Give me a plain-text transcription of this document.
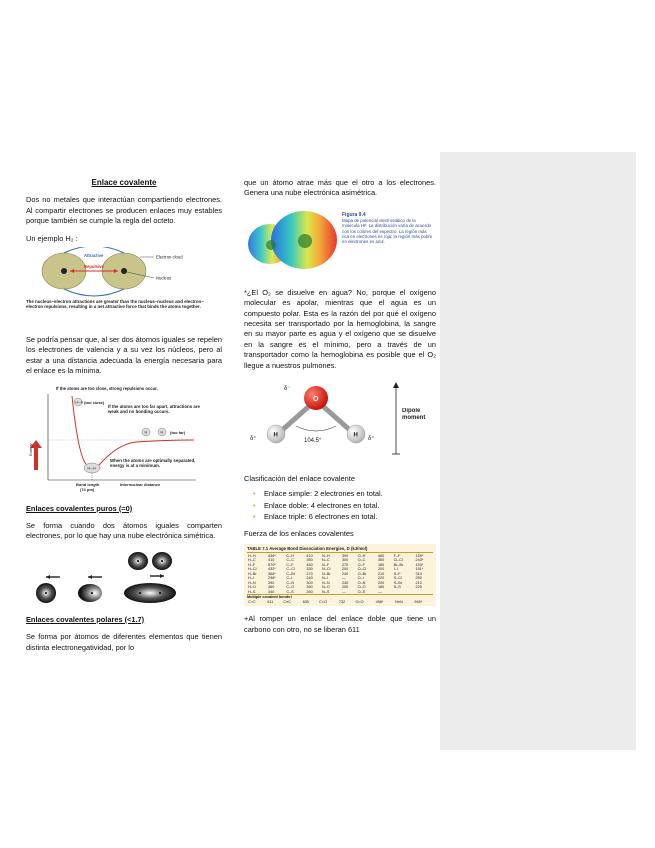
Enlace covalente

Dos no metales que interactúan compartiendo electrones. Al compartir electrones se producen enlaces muy estables porque también se cumple la regla del octeto.

Un ejemplo H₂ :

Attractive
Repulsive
Electron cloud
Nucleus
The nucleus–electron attractions are greater than the nucleus–nucleus and electron–electron repulsions, resulting in a net attractive force that binds the atoms together.

Se podría pensar que, al ser dos átomos iguales se repelen los electrones de valencia y a su vez los núcleos, pero al estar a una distancia adecuada la energía necesaria para el enlace es la mínima.

If the atoms are too close, strong repulsions occur.
Energy
H—H (too close)
If the atoms are too far apart, attractions are weak and no bonding occurs.
H	H (too far)
H—H
When the atoms are optimally separated, energy is at a minimum.
Bond length
(74 pm)
Internuclear distance

Enlaces covalentes puros (=0)

Se forma cuando dos átomos iguales comparten electrones, por lo que hay una nube electrónica simétrica.

Enlaces covalentes polares (<1.7)

Se forma por átomos de diferentes elementos que tienen distinta electronegatividad, por lo

que un átomo atrae más que el otro a los electrones. Genera una nube electrónica asimétrica.

Figura 9.4
Mapa de potencial electrostático de la molécula HF. La distribución varía de acuerdo con los colores del espectro. La región más rica en electrones es roja; la región más pobre en electrones es azul.

*¿El O₂ se disuelve en agua? No, porque el oxígeno molecular es apolar, mientras que el agua es un compuesto polar. Esta es la razón del por qué el oxígeno necesita ser transportado por la hemoglobina, la sangre en su mayor parte es agua y el oxígeno que se disuelve en la sangre es el mínimo, pero a través de un transportador como la hemoglobina es posible que el O₂ llegue a nuestros pulmones.

O
H	H
δ⁻
δ⁺	δ⁺
104.5°
Dipole moment

Clasificación del enlace covalente

• Enlace simple: 2 electrones en total.
• Enlace doble: 4 electrones en total.
• Enlace triple: 6 electrones en total.

Fuerza de los enlaces covalentes

TABLE 7.1 Average Bond Dissociation Energies, D (kJ/mol)
H–H	436*	C–H	410	N–H	390	O–H	460	F–F	159*
H–C	410	C–C	350	N–C	300	O–C	350	Cl–Cl	243*
H–F	570*	C–F	450	N–F	270	O–F	180	Br–Br	193*
H–Cl	432*	C–Cl	330	N–Cl	200	O–Cl	200	I–I	151*
H–Br	366*	C–Br	270	N–Br	240	O–Br	210	S–F	310
H–I	298*	C–I	240	N–I	—	O–I	220	S–Cl	250
H–N	390	C–N	300	N–N	240	O–N	200	S–Br	210
H–O	460	C–O	350	N–O	200	O–O	180	S–S	225
H–S	340	C–S	260	N–S	—	O–S	—		
Multiple covalent bonds†
C=C	611	C≡C	835	C=O	732	O=O	498*	N≡N	945*

+Al romper un enlace del enlace doble que tiene un carbono con otro, no se liberan 611
